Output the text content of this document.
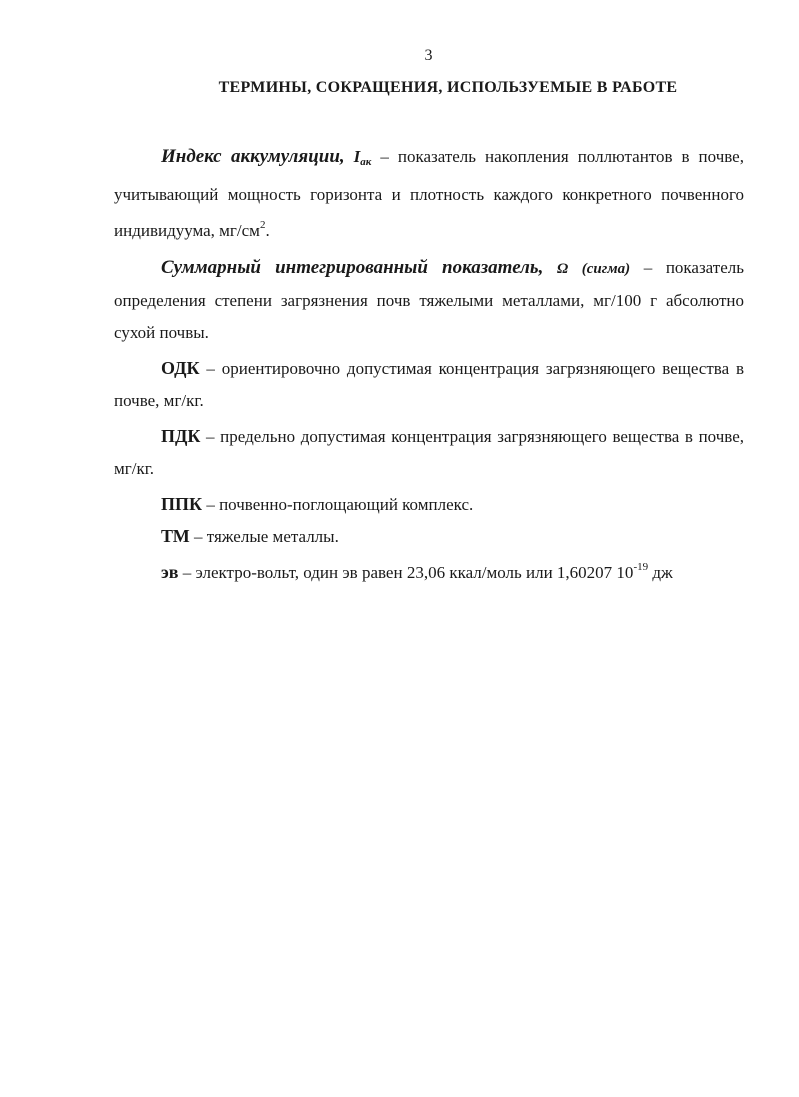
3
ТЕРМИНЫ, СОКРАЩЕНИЯ, ИСПОЛЬЗУЕМЫЕ В РАБОТЕ

Индекс аккумуляции, $I_{ак}$ – показатель накопления поллютантов в почве, учитывающий мощность горизонта и плотность каждого конкретного почвенного индивидуума, $мг/см^2$.

Суммарный интегрированный показатель, Ω (сигма) – показатель определения степени загрязнения почв тяжелыми металлами, мг/100 г абсолютно сухой почвы.

ОДК – ориентировочно допустимая концентрация загрязняющего вещества в почве, мг/кг.

ПДК – предельно допустимая концентрация загрязняющего вещества в почве, мг/кг.

ППК – почвенно-поглощающий комплекс.

ТМ – тяжелые металлы.

эв – электро-вольт, один эв равен 23,06 ккал/моль или 1,60207 $10^{-19}$ дж
